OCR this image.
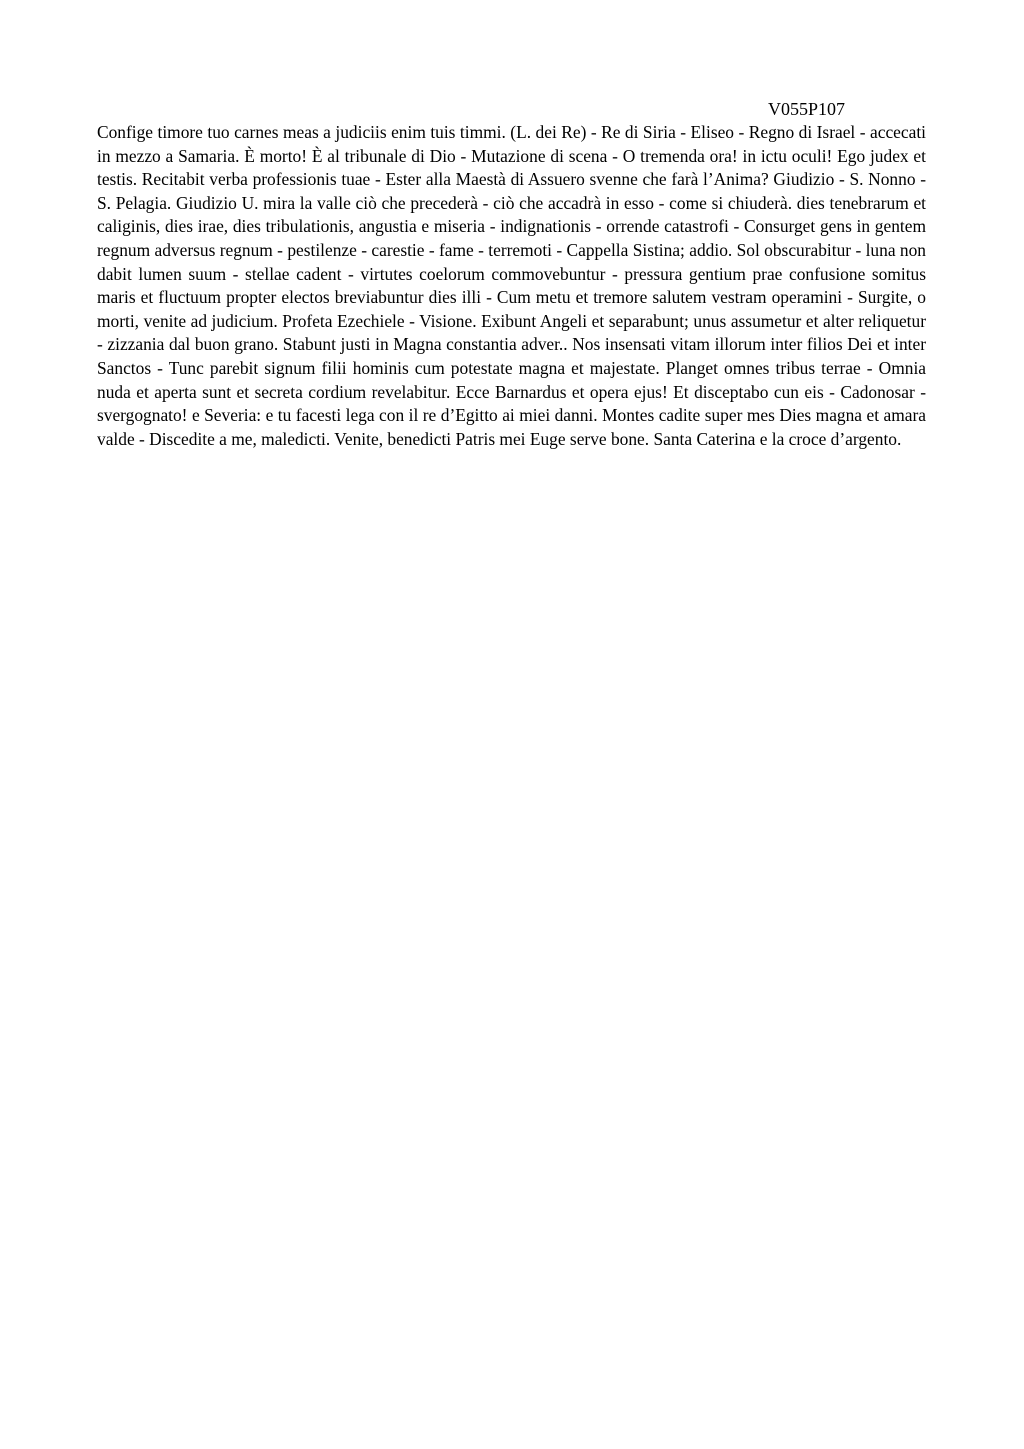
V055P107

Confige timore tuo carnes meas a judiciis enim tuis timmi. (L. dei Re) - Re di Siria - Eliseo - Regno di Israel - accecati in mezzo a Samaria. È morto! È al tribunale di Dio - Mutazione di scena - O tremenda ora! in ictu oculi! Ego judex et testis. Recitabit verba professionis tuae - Ester alla Maestà di Assuero svenne che farà l’Anima? Giudizio - S. Nonno - S. Pelagia. Giudizio U. mira la valle ciò che precederà - ciò che accadrà in esso - come si chiuderà. dies tenebrarum et caliginis, dies irae, dies tribulationis, angustia e miseria - indignationis - orrende catastrofi - Consurget gens in gentem regnum adversus regnum - pestilenze - carestie - fame - terremoti - Cappella Sistina; addio. Sol obscurabitur - luna non dabit lumen suum - stellae cadent - virtutes coelorum commovebuntur - pressura gentium prae confusione somitus maris et fluctuum propter electos breviabuntur dies illi - Cum metu et tremore salutem vestram operamini - Surgite, o morti, venite ad judicium. Profeta Ezechiele - Visione. Exibunt Angeli et separabunt; unus assumetur et alter reliquetur - zizzania dal buon grano. Stabunt justi in Magna constantia adver.. Nos insensati vitam illorum inter filios Dei et inter Sanctos - Tunc parebit signum filii hominis cum potestate magna et majestate. Planget omnes tribus terrae - Omnia nuda et aperta sunt et secreta cordium revelabitur. Ecce Barnardus et opera ejus! Et disceptabo cun eis - Cadonosar - svergognato! e Severia: e tu facesti lega con il re d’Egitto ai miei danni. Montes cadite super mes Dies magna et amara valde - Discedite a me, maledicti. Venite, benedicti Patris mei Euge serve bone. Santa Caterina e la croce d’argento.
